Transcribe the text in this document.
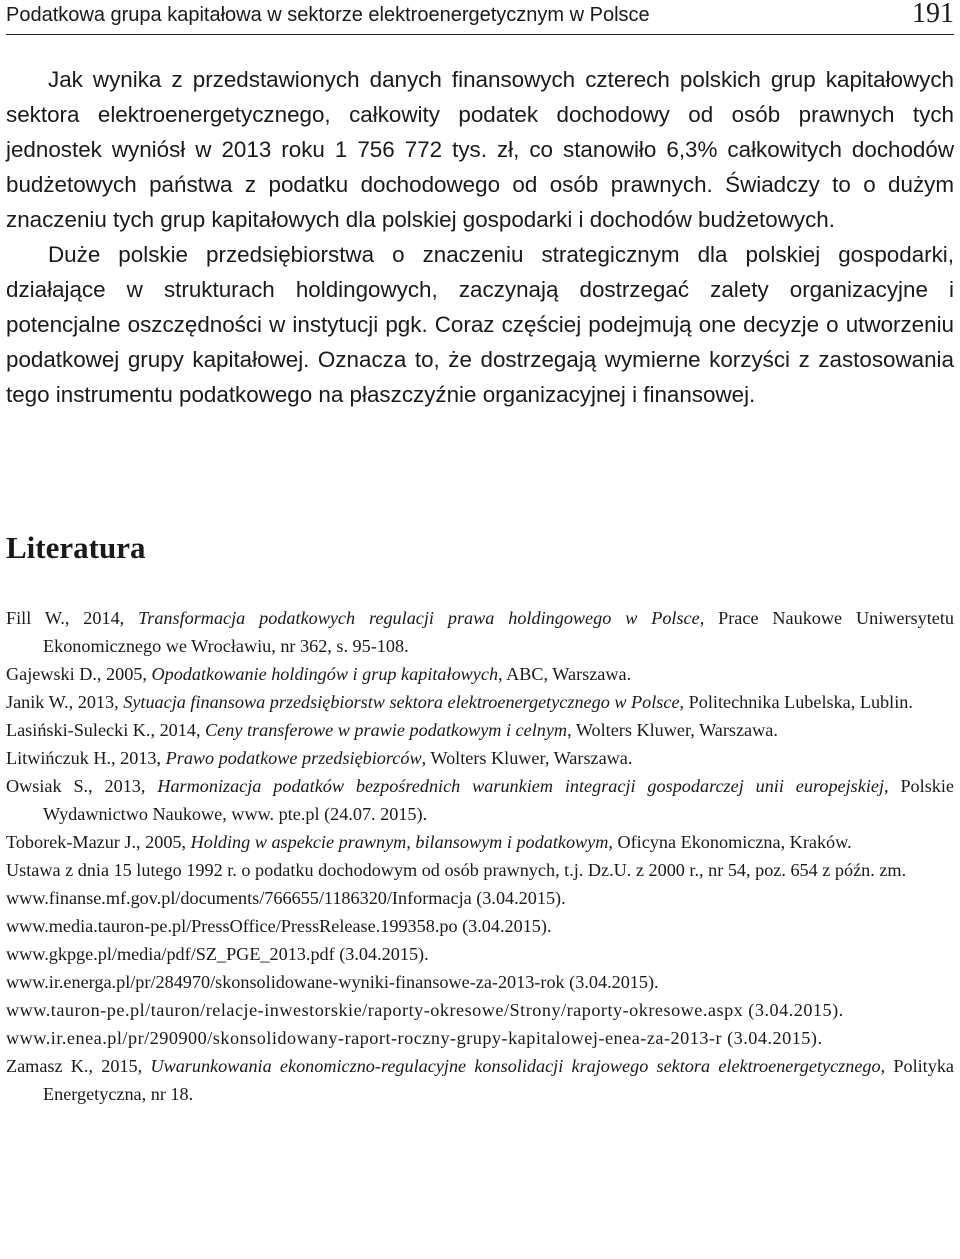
Podatkowa grupa kapitałowa w sektorze elektroenergetycznym w Polsce	191

Jak wynika z przedstawionych danych finansowych czterech polskich grup kapitałowych sektora elektroenergetycznego, całkowity podatek dochodowy od osób prawnych tych jednostek wyniósł w 2013 roku 1 756 772 tys. zł, co stanowiło 6,3% całkowitych dochodów budżetowych państwa z podatku dochodowego od osób prawnych. Świadczy to o dużym znaczeniu tych grup kapitałowych dla polskiej gospodarki i dochodów budżetowych.

Duże polskie przedsiębiorstwa o znaczeniu strategicznym dla polskiej gospodarki, działające w strukturach holdingowych, zaczynają dostrzegać zalety organizacyjne i potencjalne oszczędności w instytucji pgk. Coraz częściej podejmują one decyzje o utworzeniu podatkowej grupy kapitałowej. Oznacza to, że dostrzegają wymierne korzyści z zastosowania tego instrumentu podatkowego na płaszczyźnie organizacyjnej i finansowej.

Literatura
Fill W., 2014, Transformacja podatkowych regulacji prawa holdingowego w Polsce, Prace Naukowe Uniwersytetu Ekonomicznego we Wrocławiu, nr 362, s. 95-108.
Gajewski D., 2005, Opodatkowanie holdingów i grup kapitałowych, ABC, Warszawa.
Janik W., 2013, Sytuacja finansowa przedsiębiorstw sektora elektroenergetycznego w Polsce, Politechnika Lubelska, Lublin.
Lasiński-Sulecki K., 2014, Ceny transferowe w prawie podatkowym i celnym, Wolters Kluwer, Warszawa.
Litwińczuk H., 2013, Prawo podatkowe przedsiębiorców, Wolters Kluwer, Warszawa.
Owsiak S., 2013, Harmonizacja podatków bezpośrednich warunkiem integracji gospodarczej unii europejskiej, Polskie Wydawnictwo Naukowe, www. pte.pl (24.07. 2015).
Toborek-Mazur J., 2005, Holding w aspekcie prawnym, bilansowym i podatkowym, Oficyna Ekonomiczna, Kraków.
Ustawa z dnia 15 lutego 1992 r. o podatku dochodowym od osób prawnych, t.j. Dz.U. z 2000 r., nr 54, poz. 654 z późn. zm.
www.finanse.mf.gov.pl/documents/766655/1186320/Informacja (3.04.2015).
www.media.tauron-pe.pl/PressOffice/PressRelease.199358.po (3.04.2015).
www.gkpge.pl/media/pdf/SZ_PGE_2013.pdf (3.04.2015).
www.ir.energa.pl/pr/284970/skonsolidowane-wyniki-finansowe-za-2013-rok (3.04.2015).
www.tauron-pe.pl/tauron/relacje-inwestorskie/raporty-okresowe/Strony/raporty-okresowe.aspx (3.04.2015).
www.ir.enea.pl/pr/290900/skonsolidowany-raport-roczny-grupy-kapitalowej-enea-za-2013-r (3.04.2015).
Zamasz K., 2015, Uwarunkowania ekonomiczno-regulacyjne konsolidacji krajowego sektora elektroenergetycznego, Polityka Energetyczna, nr 18.
